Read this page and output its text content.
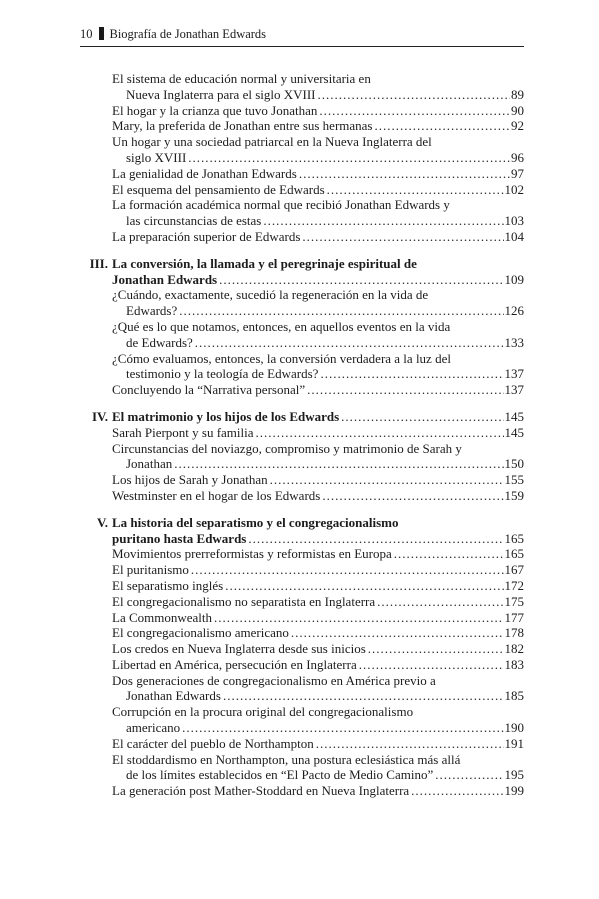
10 Biografía de Jonathan Edwards
El sistema de educación normal y universitaria en
Nueva Inglaterra para el siglo XVIII .....	89
El hogar y la crianza que tuvo Jonathan .....	90
Mary, la preferida de Jonathan entre sus hermanas .....	92
Un hogar y una sociedad patriarcal en la Nueva Inglaterra del
siglo XVIII .....	96
La genialidad de Jonathan Edwards .....	97
El esquema del pensamiento de Edwards .....	102
La formación académica normal que recibió Jonathan Edwards y
las circunstancias de estas .....	103
La preparación superior de Edwards .....	104
III. La conversión, la llamada y el peregrinaje espiritual de
Jonathan Edwards .....	109
¿Cuándo, exactamente, sucedió la regeneración en la vida de
Edwards? .....	126
¿Qué es lo que notamos, entonces, en aquellos eventos en la vida
de Edwards? .....	133
¿Cómo evaluamos, entonces, la conversión verdadera a la luz del
testimonio y la teología de Edwards? .....	137
Concluyendo la “Narrativa personal” .....	137
IV. El matrimonio y los hijos de los Edwards .....	145
Sarah Pierpont y su familia .....	145
Circunstancias del noviazgo, compromiso y matrimonio de Sarah y
Jonathan .....	150
Los hijos de Sarah y Jonathan .....	155
Westminster en el hogar de los Edwards .....	159
V. La historia del separatismo y el congregacionalismo
puritano hasta Edwards .....	165
Movimientos prerreformistas y reformistas en Europa .....	165
El puritanismo .....	167
El separatismo inglés .....	172
El congregacionalismo no separatista en Inglaterra .....	175
La Commonwealth .....	177
El congregacionalismo americano .....	178
Los credos en Nueva Inglaterra desde sus inicios .....	182
Libertad en América, persecución en Inglaterra .....	183
Dos generaciones de congregacionalismo en América previo a
Jonathan Edwards .....	185
Corrupción en la procura original del congregacionalismo
americano .....	190
El carácter del pueblo de Northampton .....	191
El stoddardismo en Northampton, una postura eclesiástica más allá
de los límites establecidos en “El Pacto de Medio Camino” .....	195
La generación post Mather-Stoddard en Nueva Inglaterra .....	199
